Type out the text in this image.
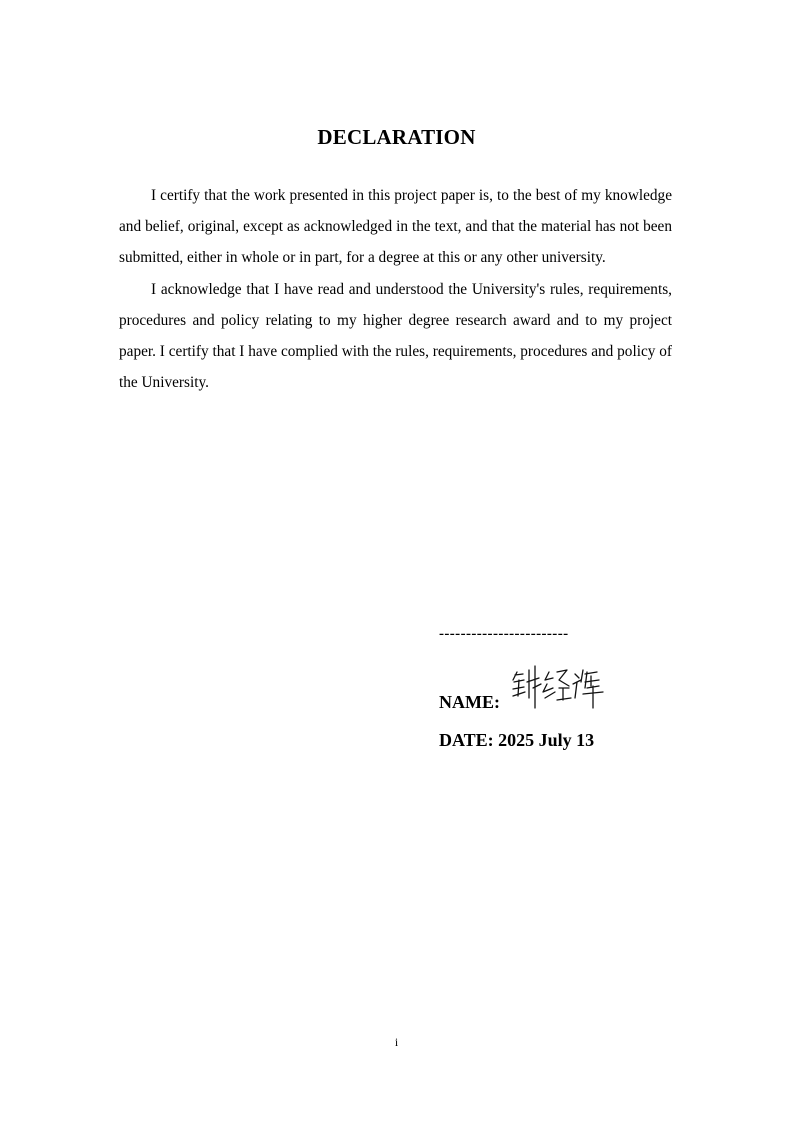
DECLARATION

I certify that the work presented in this project paper is, to the best of my knowledge and belief, original, except as acknowledged in the text, and that the material has not been submitted, either in whole or in part, for a degree at this or any other university.

I acknowledge that I have read and understood the University's rules, requirements, procedures and policy relating to my higher degree research award and to my project paper. I certify that I have complied with the rules, requirements, procedures and policy of the University.

------------------------
NAME:
DATE: 2025 July 13
i
